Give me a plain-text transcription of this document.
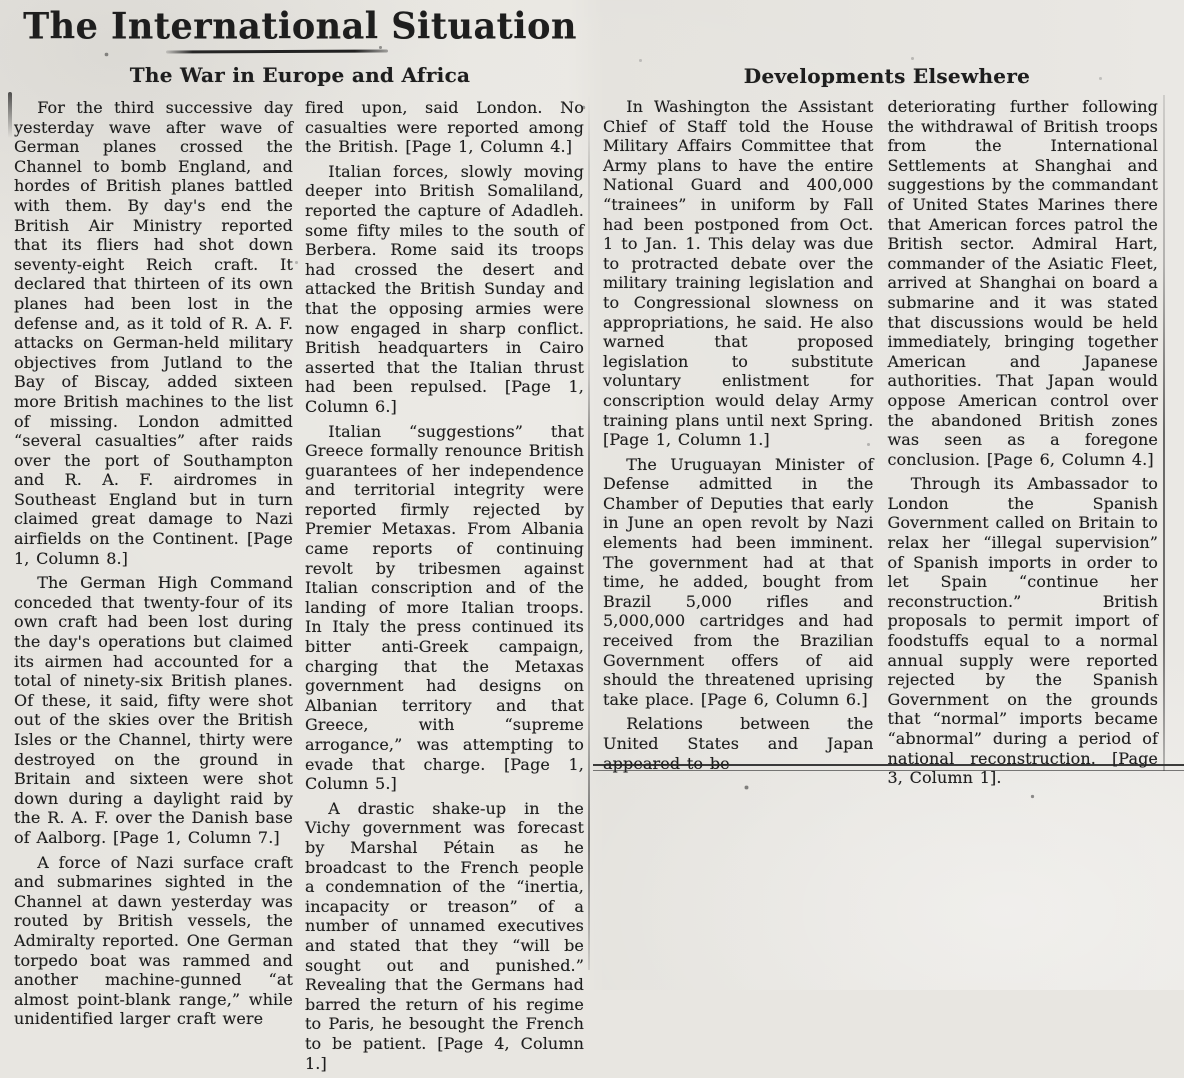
The International Situation
The War in Europe and Africa

For the third successive day yesterday wave after wave of German planes crossed the Channel to bomb England, and hordes of British planes battled with them. By day's end the British Air Ministry reported that its fliers had shot down seventy-eight Reich craft. It declared that thirteen of its own planes had been lost in the defense and, as it told of R. A. F. attacks on German-held military objectives from Jutland to the Bay of Biscay, added sixteen more British machines to the list of missing. London admitted “several casualties” after raids over the port of Southampton and R. A. F. airdromes in Southeast England but in turn claimed great damage to Nazi airfields on the Continent. [Page 1, Column 8.]

The German High Command conceded that twenty-four of its own craft had been lost during the day's operations but claimed its airmen had accounted for a total of ninety-six British planes. Of these, it said, fifty were shot out of the skies over the British Isles or the Channel, thirty were destroyed on the ground in Britain and sixteen were shot down during a daylight raid by the R. A. F. over the Danish base of Aalborg. [Page 1, Column 7.]

A force of Nazi surface craft and submarines sighted in the Channel at dawn yesterday was routed by British vessels, the Admiralty reported. One German torpedo boat was rammed and another machine-gunned “at almost point-blank range,” while unidentified larger craft were

fired upon, said London. No casualties were reported among the British. [Page 1, Column 4.]

Italian forces, slowly moving deeper into British Somaliland, reported the capture of Adadleh. some fifty miles to the south of Berbera. Rome said its troops had crossed the desert and attacked the British Sunday and that the opposing armies were now engaged in sharp conflict. British headquarters in Cairo asserted that the Italian thrust had been repulsed. [Page 1, Column 6.]

Italian “suggestions” that Greece formally renounce British guarantees of her independence and territorial integrity were reported firmly rejected by Premier Metaxas. From Albania came reports of continuing revolt by tribesmen against Italian conscription and of the landing of more Italian troops. In Italy the press continued its bitter anti-Greek campaign, charging that the Metaxas government had designs on Albanian territory and that Greece, with “supreme arrogance,” was attempting to evade that charge. [Page 1, Column 5.]

A drastic shake-up in the Vichy government was forecast by Marshal Pétain as he broadcast to the French people a condemnation of the “inertia, incapacity or treason” of a number of unnamed executives and stated that they “will be sought out and punished.” Revealing that the Germans had barred the return of his regime to Paris, he besought the French to be patient. [Page 4, Column 1.]

Developments Elsewhere

In Washington the Assistant Chief of Staff told the House Military Affairs Committee that Army plans to have the entire National Guard and 400,000 “trainees” in uniform by Fall had been postponed from Oct. 1 to Jan. 1. This delay was due to protracted debate over the military training legislation and to Congressional slowness on appropriations, he said. He also warned that proposed legislation to substitute voluntary enlistment for conscription would delay Army training plans until next Spring. [Page 1, Column 1.]

The Uruguayan Minister of Defense admitted in the Chamber of Deputies that early in June an open revolt by Nazi elements had been imminent. The government had at that time, he added, bought from Brazil 5,000 rifles and 5,000,000 cartridges and had received from the Brazilian Government offers of aid should the threatened uprising take place. [Page 6, Column 6.]

Relations between the United States and Japan appeared to be

deteriorating further following the withdrawal of British troops from the International Settlements at Shanghai and suggestions by the commandant of United States Marines there that American forces patrol the British sector. Admiral Hart, commander of the Asiatic Fleet, arrived at Shanghai on board a submarine and it was stated that discussions would be held immediately, bringing together American and Japanese authorities. That Japan would oppose American control over the abandoned British zones was seen as a foregone conclusion. [Page 6, Column 4.]

Through its Ambassador to London the Spanish Government called on Britain to relax her “illegal supervision” of Spanish imports in order to let Spain “continue her reconstruction.” British proposals to permit import of foodstuffs equal to a normal annual supply were reported rejected by the Spanish Government on the grounds that “normal” imports became “abnormal” during a period of national reconstruction. [Page 3, Column 1].
